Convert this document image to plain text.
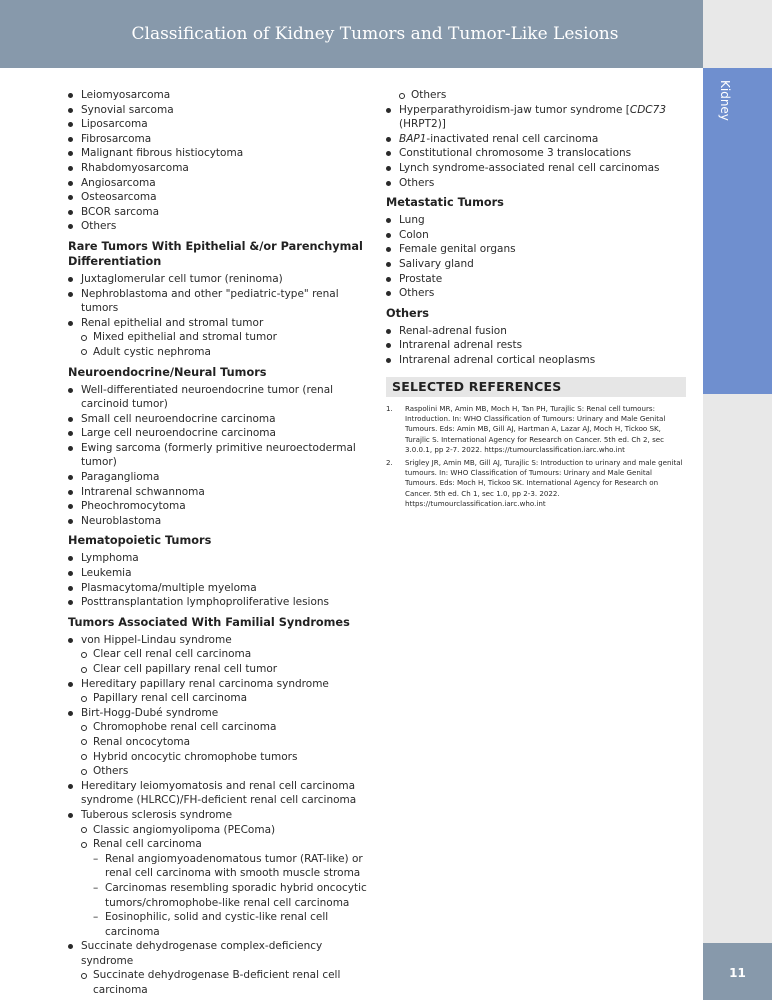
Classification of Kidney Tumors and Tumor-Like Lesions
Kidney
11
Leiomyosarcoma
Synovial sarcoma
Liposarcoma
Fibrosarcoma
Malignant fibrous histiocytoma
Rhabdomyosarcoma
Angiosarcoma
Osteosarcoma
BCOR sarcoma
Others
Rare Tumors With Epithelial &/or Parenchymal Differentiation
Juxtaglomerular cell tumor (reninoma)
Nephroblastoma and other "pediatric-type" renal tumors
Renal epithelial and stromal tumor
Mixed epithelial and stromal tumor
Adult cystic nephroma
Neuroendocrine/Neural Tumors
Well-differentiated neuroendocrine tumor (renal carcinoid tumor)
Small cell neuroendocrine carcinoma
Large cell neuroendocrine carcinoma
Ewing sarcoma (formerly primitive neuroectodermal tumor)
Paraganglioma
Intrarenal schwannoma
Pheochromocytoma
Neuroblastoma
Hematopoietic Tumors
Lymphoma
Leukemia
Plasmacytoma/multiple myeloma
Posttransplantation lymphoproliferative lesions
Tumors Associated With Familial Syndromes
von Hippel-Lindau syndrome
Clear cell renal cell carcinoma
Clear cell papillary renal cell tumor
Hereditary papillary renal carcinoma syndrome
Papillary renal cell carcinoma
Birt-Hogg-Dubé syndrome
Chromophobe renal cell carcinoma
Renal oncocytoma
Hybrid oncocytic chromophobe tumors
Others
Hereditary leiomyomatosis and renal cell carcinoma syndrome (HLRCC)/FH-deficient renal cell carcinoma
Tuberous sclerosis syndrome
Classic angiomyolipoma (PEComa)
Renal cell carcinoma
– Renal angiomyoadenomatous tumor (RAT-like) or renal cell carcinoma with smooth muscle stroma
– Carcinomas resembling sporadic hybrid oncocytic tumors/chromophobe-like renal cell carcinoma
– Eosinophilic, solid and cystic-like renal cell carcinoma
Succinate dehydrogenase complex-deficiency syndrome
Succinate dehydrogenase B-deficient renal cell carcinoma
Others
Hyperparathyroidism-jaw tumor syndrome [CDC73 (HRPT2)]
BAP1-inactivated renal cell carcinoma
Constitutional chromosome 3 translocations
Lynch syndrome-associated renal cell carcinomas
Others
Metastatic Tumors
Lung
Colon
Female genital organs
Salivary gland
Prostate
Others
Others
Renal-adrenal fusion
Intrarenal adrenal rests
Intrarenal adrenal cortical neoplasms
SELECTED REFERENCES
1. Raspolini MR, Amin MB, Moch H, Tan PH, Turajlic S: Renal cell tumours: Introduction. In: WHO Classification of Tumours: Urinary and Male Genital Tumours. Eds: Amin MB, Gill AJ, Hartman A, Lazar AJ, Moch H, Tickoo SK, Turajlic S. International Agency for Research on Cancer. 5th ed. Ch 2, sec 3.0.0.1, pp 2-7. 2022. https://tumourclassification.iarc.who.int
2. Srigley JR, Amin MB, Gill AJ, Turajlic S: Introduction to urinary and male genital tumours. In: WHO Classification of Tumours: Urinary and Male Genital Tumours. Eds: Moch H, Tickoo SK. International Agency for Research on Cancer. 5th ed. Ch 1, sec 1.0, pp 2-3. 2022. https://tumourclassification.iarc.who.int
